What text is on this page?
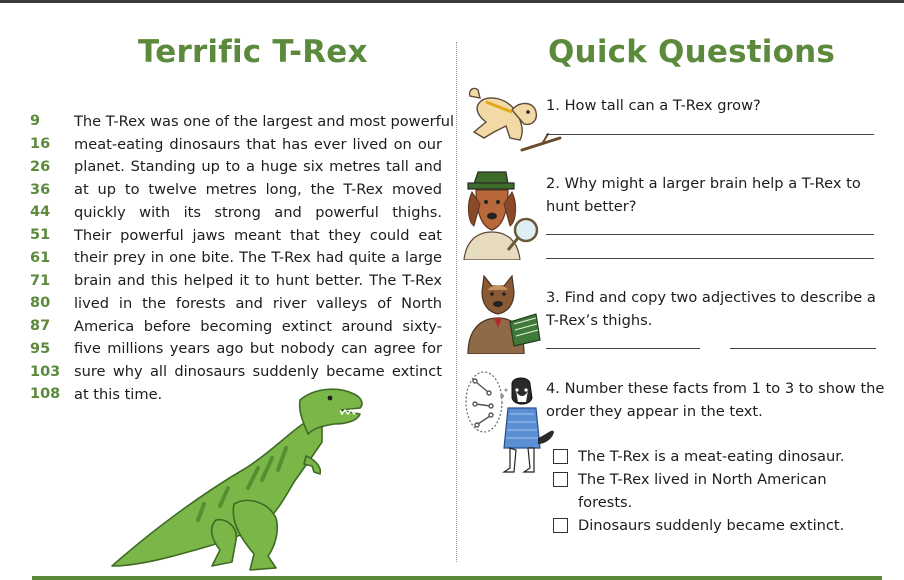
Terrific T-Rex
9	The T-Rex was one of the largest and most powerful
16	meat-eating dinosaurs that has ever lived on our
26	planet. Standing up to a huge six metres tall and
36	at up to twelve metres long, the T-Rex moved
44	quickly with its strong and powerful thighs.
51	Their powerful jaws meant that they could eat
61	their prey in one bite. The T-Rex had quite a large
71	brain and this helped it to hunt better. The T-Rex
80	lived in the forests and river valleys of North
87	America before becoming extinct around sixty-
95	five millions years ago but nobody can agree for
103 sure why all dinosaurs suddenly became extinct
108 at this time.
Quick Questions
1. How tall can a T-Rex grow?
2. Why might a larger brain help a T-Rex to hunt better?
3. Find and copy two adjectives to describe a T-Rex’s thighs.
4. Number these facts from 1 to 3 to show the order they appear in the text.
The T-Rex is a meat-eating dinosaur.
The T-Rex lived in North American forests.
Dinosaurs suddenly became extinct.
